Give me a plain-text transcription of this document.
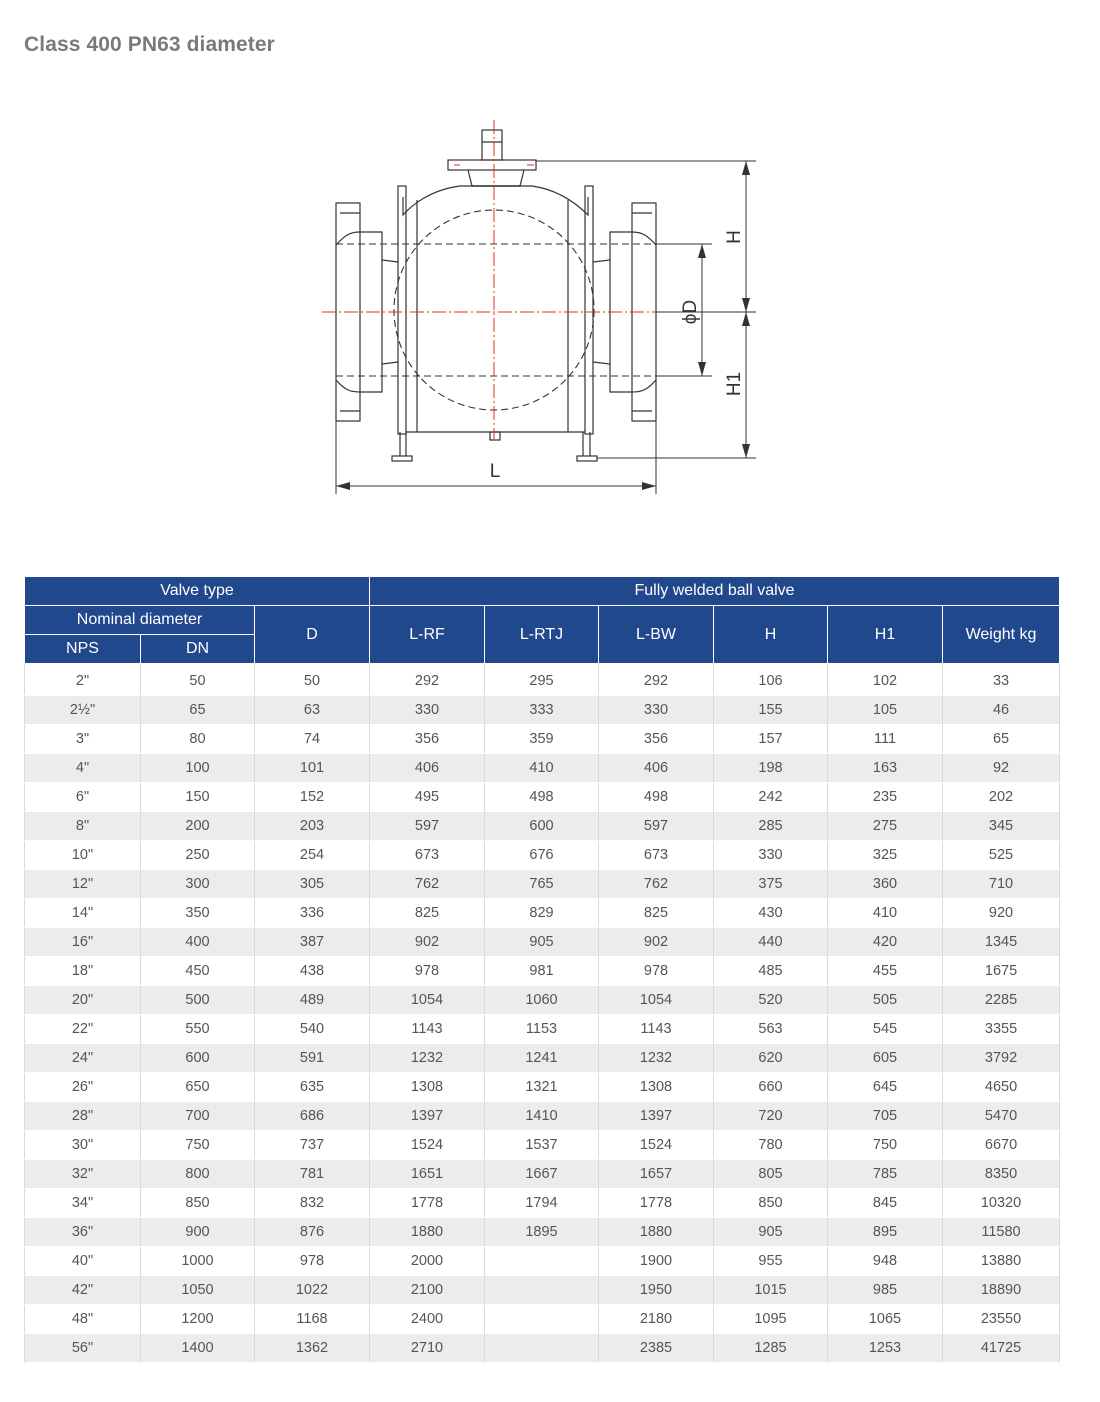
Class 400 PN63 diameter
H
ϕD
H1
L
Valve type			Fully welded ball valve					
Nominal diameter		D	L-RF	L-RTJ	L-BW	H	H1	Weight kg
NPS	DN							
2"	50	50	292	295	292	106	102	33
2½"	65	63	330	333	330	155	105	46
3"	80	74	356	359	356	157	111	65
4"	100	101	406	410	406	198	163	92
6"	150	152	495	498	498	242	235	202
8"	200	203	597	600	597	285	275	345
10"	250	254	673	676	673	330	325	525
12"	300	305	762	765	762	375	360	710
14"	350	336	825	829	825	430	410	920
16"	400	387	902	905	902	440	420	1345
18"	450	438	978	981	978	485	455	1675
20"	500	489	1054	1060	1054	520	505	2285
22"	550	540	1143	1153	1143	563	545	3355
24"	600	591	1232	1241	1232	620	605	3792
26"	650	635	1308	1321	1308	660	645	4650
28"	700	686	1397	1410	1397	720	705	5470
30"	750	737	1524	1537	1524	780	750	6670
32"	800	781	1651	1667	1657	805	785	8350
34"	850	832	1778	1794	1778	850	845	10320
36"	900	876	1880	1895	1880	905	895	11580
40"	1000	978	2000		1900	955	948	13880
42"	1050	1022	2100		1950	1015	985	18890
48"	1200	1168	2400		2180	1095	1065	23550
56"	1400	1362	2710		2385	1285	1253	41725
